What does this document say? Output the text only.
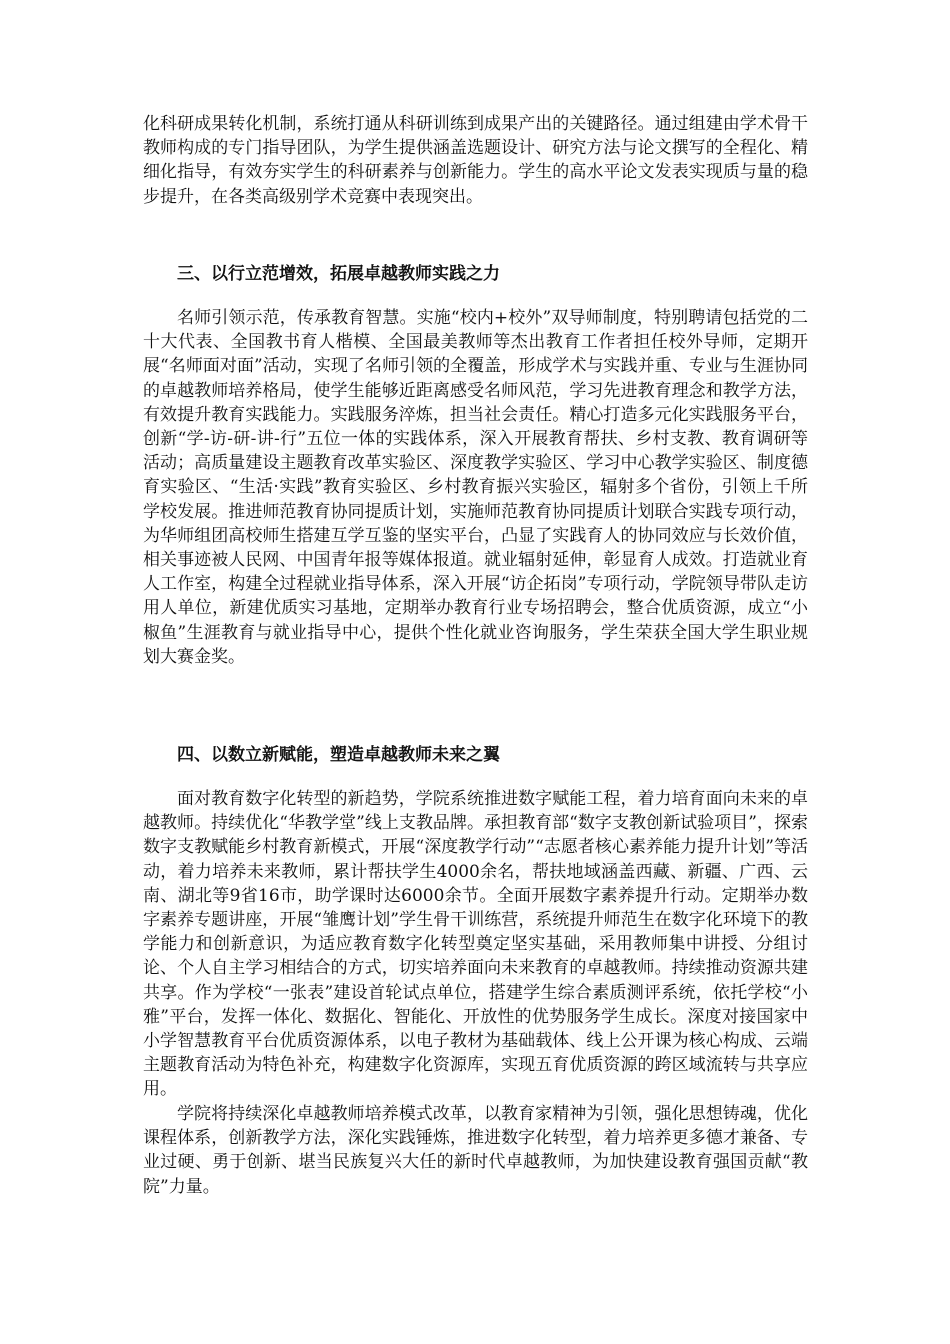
化科研成果转化机制，系统打通从科研训练到成果产出的关键路径。通过组建由学术骨干教师构成的专门指导团队，为学生提供涵盖选题设计、研究方法与论文撰写的全程化、精细化指导，有效夯实学生的科研素养与创新能力。学生的高水平论文发表实现质与量的稳步提升，在各类高级别学术竞赛中表现突出。

三、以行立范增效，拓展卓越教师实践之力

名师引领示范，传承教育智慧。实施“校内+校外”双导师制度，特别聘请包括党的二十大代表、全国教书育人楷模、全国最美教师等杰出教育工作者担任校外导师，定期开展“名师面对面”活动，实现了名师引领的全覆盖，形成学术与实践并重、专业与生涯协同的卓越教师培养格局，使学生能够近距离感受名师风范，学习先进教育理念和教学方法，有效提升教育实践能力。实践服务淬炼，担当社会责任。精心打造多元化实践服务平台，创新“学-访-研-讲-行”五位一体的实践体系，深入开展教育帮扶、乡村支教、教育调研等活动；高质量建设主题教育改革实验区、深度教学实验区、学习中心教学实验区、制度德育实验区、“生活·实践”教育实验区、乡村教育振兴实验区，辐射多个省份，引领上千所学校发展。推进师范教育协同提质计划，实施师范教育协同提质计划联合实践专项行动，为华师组团高校师生搭建互学互鉴的坚实平台，凸显了实践育人的协同效应与长效价值，相关事迹被人民网、中国青年报等媒体报道。就业辐射延伸，彰显育人成效。打造就业育人工作室，构建全过程就业指导体系，深入开展“访企拓岗”专项行动，学院领导带队走访用人单位，新建优质实习基地，定期举办教育行业专场招聘会，整合优质资源，成立“小椒鱼”生涯教育与就业指导中心，提供个性化就业咨询服务，学生荣获全国大学生职业规划大赛金奖。

四、以数立新赋能，塑造卓越教师未来之翼

面对教育数字化转型的新趋势，学院系统推进数字赋能工程，着力培育面向未来的卓越教师。持续优化“华教学堂”线上支教品牌。承担教育部“数字支教创新试验项目”，探索数字支教赋能乡村教育新模式，开展“深度教学行动”“志愿者核心素养能力提升计划”等活动，着力培养未来教师，累计帮扶学生4000余名，帮扶地域涵盖西藏、新疆、广西、云南、湖北等9省16市，助学课时达6000余节。全面开展数字素养提升行动。定期举办数字素养专题讲座，开展“雏鹰计划”学生骨干训练营，系统提升师范生在数字化环境下的教学能力和创新意识，为适应教育数字化转型奠定坚实基础，采用教师集中讲授、分组讨论、个人自主学习相结合的方式，切实培养面向未来教育的卓越教师。持续推动资源共建共享。作为学校“一张表”建设首轮试点单位，搭建学生综合素质测评系统，依托学校“小雅”平台，发挥一体化、数据化、智能化、开放性的优势服务学生成长。深度对接国家中小学智慧教育平台优质资源体系，以电子教材为基础载体、线上公开课为核心构成、云端主题教育活动为特色补充，构建数字化资源库，实现五育优质资源的跨区域流转与共享应用。

学院将持续深化卓越教师培养模式改革，以教育家精神为引领，强化思想铸魂，优化课程体系，创新教学方法，深化实践锤炼，推进数字化转型，着力培养更多德才兼备、专业过硬、勇于创新、堪当民族复兴大任的新时代卓越教师，为加快建设教育强国贡献“教院”力量。
